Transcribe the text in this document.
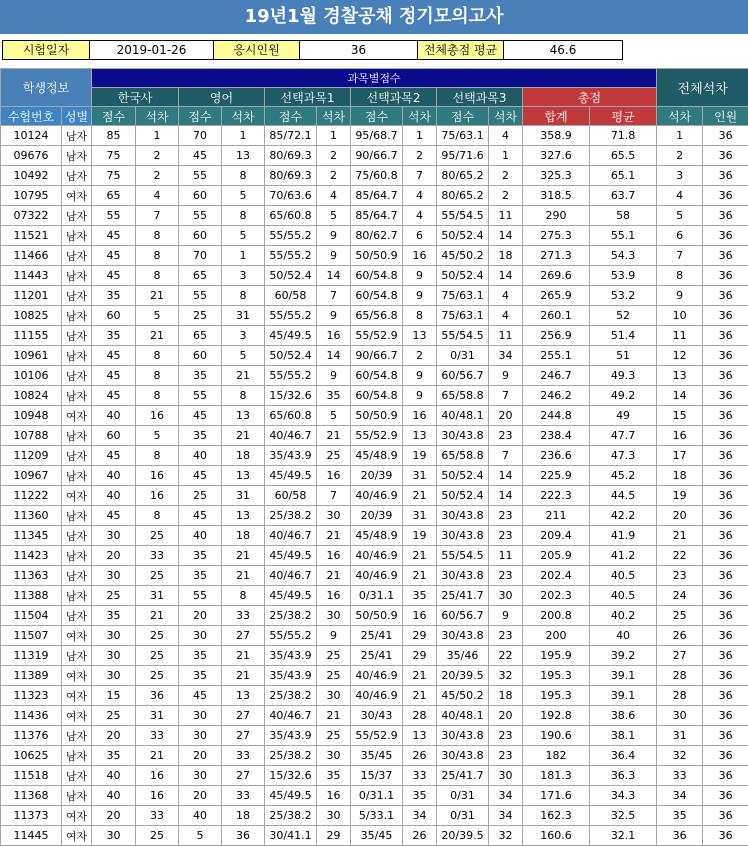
19년1월 경찰공채 정기모의고사
시험일자	2019-01-26	응시인원	36	전체총점 평균	46.6
학생정보		과목별점수												전체석차	
		한국사		영어		선택과목1		선택과목2		선택과목3		총점			
수험번호	성별	점수	석차	점수	석차	점수	석차	점수	석차	점수	석차	합계	평균	석차	인원
10124	남자	85	1	70	1	85/72.1	1	95/68.7	1	75/63.1	4	358.9	71.8	1	36
09676	남자	75	2	45	13	80/69.3	2	90/66.7	2	95/71.6	1	327.6	65.5	2	36
10492	남자	75	2	55	8	80/69.3	2	75/60.8	7	80/65.2	2	325.3	65.1	3	36
10795	여자	65	4	60	5	70/63.6	4	85/64.7	4	80/65.2	2	318.5	63.7	4	36
07322	남자	55	7	55	8	65/60.8	5	85/64.7	4	55/54.5	11	290	58	5	36
11521	남자	45	8	60	5	55/55.2	9	80/62.7	6	50/52.4	14	275.3	55.1	6	36
11466	남자	45	8	70	1	55/55.2	9	50/50.9	16	45/50.2	18	271.3	54.3	7	36
11443	남자	45	8	65	3	50/52.4	14	60/54.8	9	50/52.4	14	269.6	53.9	8	36
11201	남자	35	21	55	8	60/58	7	60/54.8	9	75/63.1	4	265.9	53.2	9	36
10825	남자	60	5	25	31	55/55.2	9	65/56.8	8	75/63.1	4	260.1	52	10	36
11155	남자	35	21	65	3	45/49.5	16	55/52.9	13	55/54.5	11	256.9	51.4	11	36
10961	남자	45	8	60	5	50/52.4	14	90/66.7	2	0/31	34	255.1	51	12	36
10106	남자	45	8	35	21	55/55.2	9	60/54.8	9	60/56.7	9	246.7	49.3	13	36
10824	남자	45	8	55	8	15/32.6	35	60/54.8	9	65/58.8	7	246.2	49.2	14	36
10948	여자	40	16	45	13	65/60.8	5	50/50.9	16	40/48.1	20	244.8	49	15	36
10788	남자	60	5	35	21	40/46.7	21	55/52.9	13	30/43.8	23	238.4	47.7	16	36
11209	남자	45	8	40	18	35/43.9	25	45/48.9	19	65/58.8	7	236.6	47.3	17	36
10967	남자	40	16	45	13	45/49.5	16	20/39	31	50/52.4	14	225.9	45.2	18	36
11222	여자	40	16	25	31	60/58	7	40/46.9	21	50/52.4	14	222.3	44.5	19	36
11360	남자	45	8	45	13	25/38.2	30	20/39	31	30/43.8	23	211	42.2	20	36
11345	남자	30	25	40	18	40/46.7	21	45/48.9	19	30/43.8	23	209.4	41.9	21	36
11423	남자	20	33	35	21	45/49.5	16	40/46.9	21	55/54.5	11	205.9	41.2	22	36
11363	남자	30	25	35	21	40/46.7	21	40/46.9	21	30/43.8	23	202.4	40.5	23	36
11388	남자	25	31	55	8	45/49.5	16	0/31.1	35	25/41.7	30	202.3	40.5	24	36
11504	남자	35	21	20	33	25/38.2	30	50/50.9	16	60/56.7	9	200.8	40.2	25	36
11507	여자	30	25	30	27	55/55.2	9	25/41	29	30/43.8	23	200	40	26	36
11319	남자	30	25	35	21	35/43.9	25	25/41	29	35/46	22	195.9	39.2	27	36
11389	여자	30	25	35	21	35/43.9	25	40/46.9	21	20/39.5	32	195.3	39.1	28	36
11323	여자	15	36	45	13	25/38.2	30	40/46.9	21	45/50.2	18	195.3	39.1	28	36
11436	여자	25	31	30	27	40/46.7	21	30/43	28	40/48.1	20	192.8	38.6	30	36
11376	남자	20	33	30	27	35/43.9	25	55/52.9	13	30/43.8	23	190.6	38.1	31	36
10625	남자	35	21	20	33	25/38.2	30	35/45	26	30/43.8	23	182	36.4	32	36
11518	남자	40	16	30	27	15/32.6	35	15/37	33	25/41.7	30	181.3	36.3	33	36
11368	남자	40	16	20	33	45/49.5	16	0/31.1	35	0/31	34	171.6	34.3	34	36
11373	여자	20	33	40	18	25/38.2	30	5/33.1	34	0/31	34	162.3	32.5	35	36
11445	여자	30	25	5	36	30/41.1	29	35/45	26	20/39.5	32	160.6	32.1	36	36
